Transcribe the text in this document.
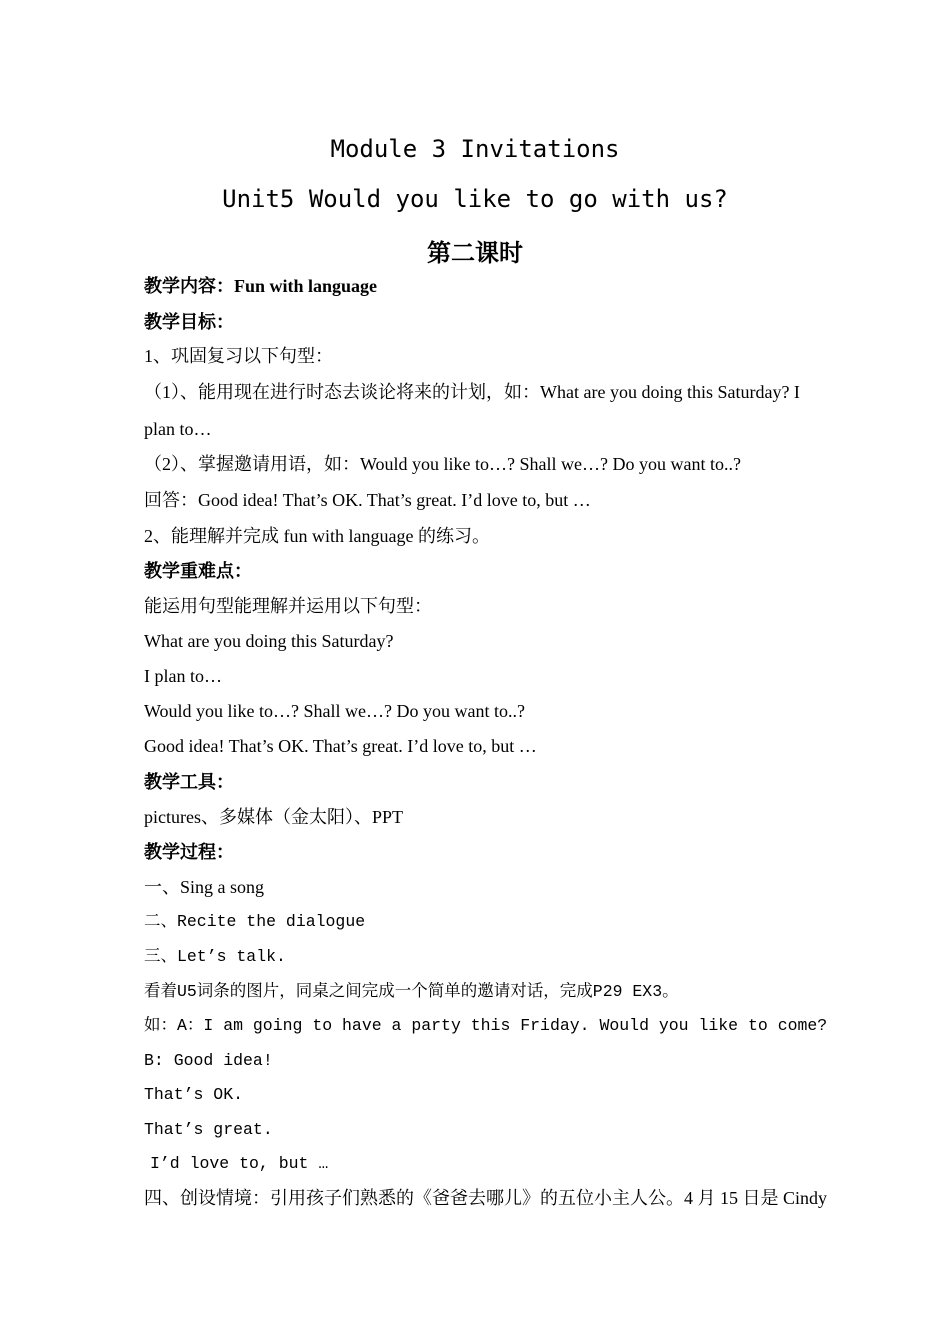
Module 3 Invitations
Unit5 Would you like to go with us?
第二课时
教学内容：Fun with language
教学目标：
1、巩固复习以下句型：
（1）、能用现在进行时态去谈论将来的计划，如：What are you doing this Saturday? I
plan to…
（2）、掌握邀请用语，如：Would you like to…? Shall we…? Do you want to..?
回答：Good idea! That’s OK. That’s great. I’d love to, but …
2、能理解并完成 fun with language 的练习。
教学重难点：
能运用句型能理解并运用以下句型：
What are you doing this Saturday?
I plan to…
Would you like to…? Shall we…? Do you want to..?
Good idea! That’s OK. That’s great. I’d love to, but …
教学工具：
pictures、多媒体（金太阳）、PPT
教学过程：
一、Sing a song
二、Recite the dialogue
三、Let’s talk.
看着U5词条的图片，同桌之间完成一个简单的邀请对话，完成P29 EX3。
如：A：I am going to have a party this Friday. Would you like to come?
B: Good idea!
That’s OK.
That’s great.
I’d love to, but …
四、创设情境：引用孩子们熟悉的《爸爸去哪儿》的五位小主人公。4 月 15 日是 Cindy
